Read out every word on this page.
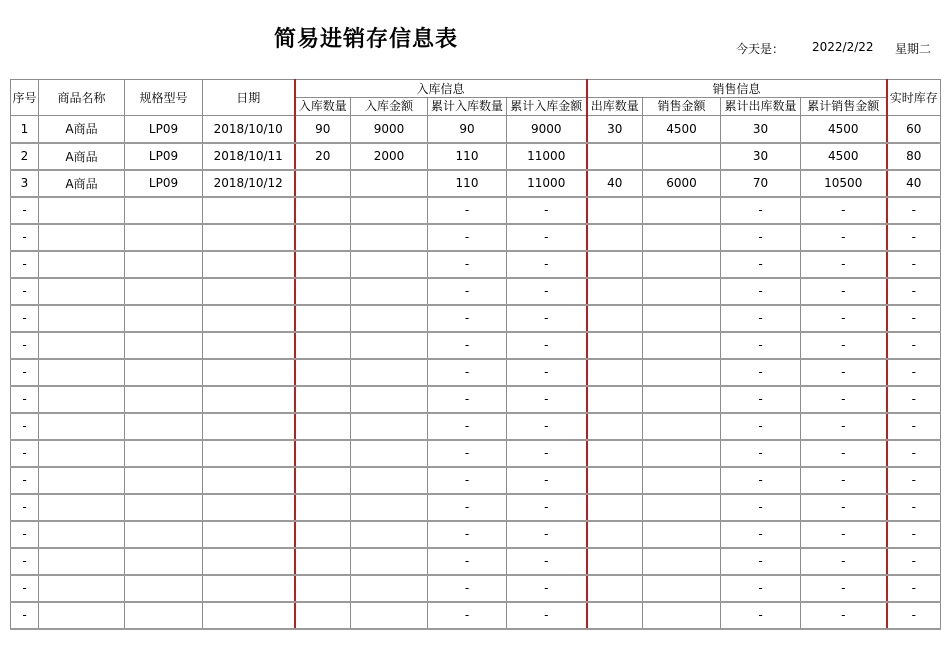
简易进销存信息表	今天是： 2022/2/22 星期二
序号	商品名称	规格型号	日期	入库信息				销售信息				实时库存
				入库数量	入库金额	累计入库数量	累计入库金额	出库数量	销售金额	累计出库数量	累计销售金额	
1	A商品	LP09	2018/10/10	90	9000	90	9000	30	4500	30	4500	60
2	A商品	LP09	2018/10/11	20	2000	110	11000			30	4500	80
3	A商品	LP09	2018/10/12			110	11000	40	6000	70	10500	40
-						-	-			-	-	-
-						-	-			-	-	-
-						-	-			-	-	-
-						-	-			-	-	-
-						-	-			-	-	-
-						-	-			-	-	-
-						-	-			-	-	-
-						-	-			-	-	-
-						-	-			-	-	-
-						-	-			-	-	-
-						-	-			-	-	-
-						-	-			-	-	-
-						-	-			-	-	-
-						-	-			-	-	-
-						-	-			-	-	-
-						-	-			-	-	-
